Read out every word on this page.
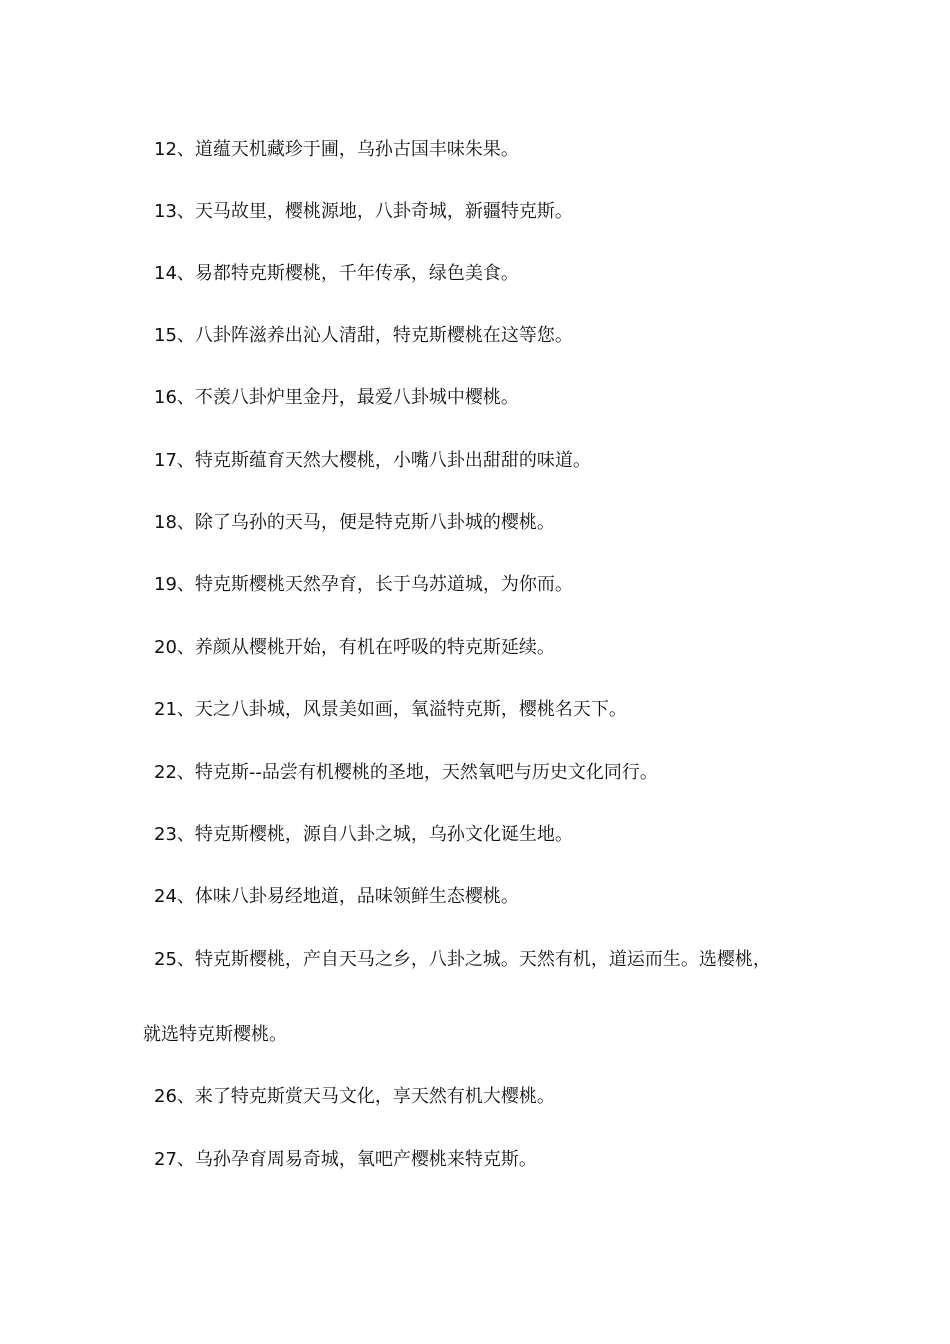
12、道蕴天机藏珍于圃，乌孙古国丰味朱果。
13、天马故里，樱桃源地，八卦奇城，新疆特克斯。
14、易都特克斯樱桃，千年传承，绿色美食。
15、八卦阵滋养出沁人清甜，特克斯樱桃在这等您。
16、不羡八卦炉里金丹，最爱八卦城中樱桃。
17、特克斯蕴育天然大樱桃，小嘴八卦出甜甜的味道。
18、除了乌孙的天马，便是特克斯八卦城的樱桃。
19、特克斯樱桃天然孕育，长于乌苏道城，为你而。
20、养颜从樱桃开始，有机在呼吸的特克斯延续。
21、天之八卦城，风景美如画，氧溢特克斯，樱桃名天下。
22、特克斯--品尝有机樱桃的圣地，天然氧吧与历史文化同行。
23、特克斯樱桃，源自八卦之城，乌孙文化诞生地。
24、体味八卦易经地道，品味领鲜生态樱桃。
25、特克斯樱桃，产自天马之乡，八卦之城。天然有机，道运而生。选樱桃，
就选特克斯樱桃。
26、来了特克斯赏天马文化，享天然有机大樱桃。
27、乌孙孕育周易奇城，氧吧产樱桃来特克斯。
